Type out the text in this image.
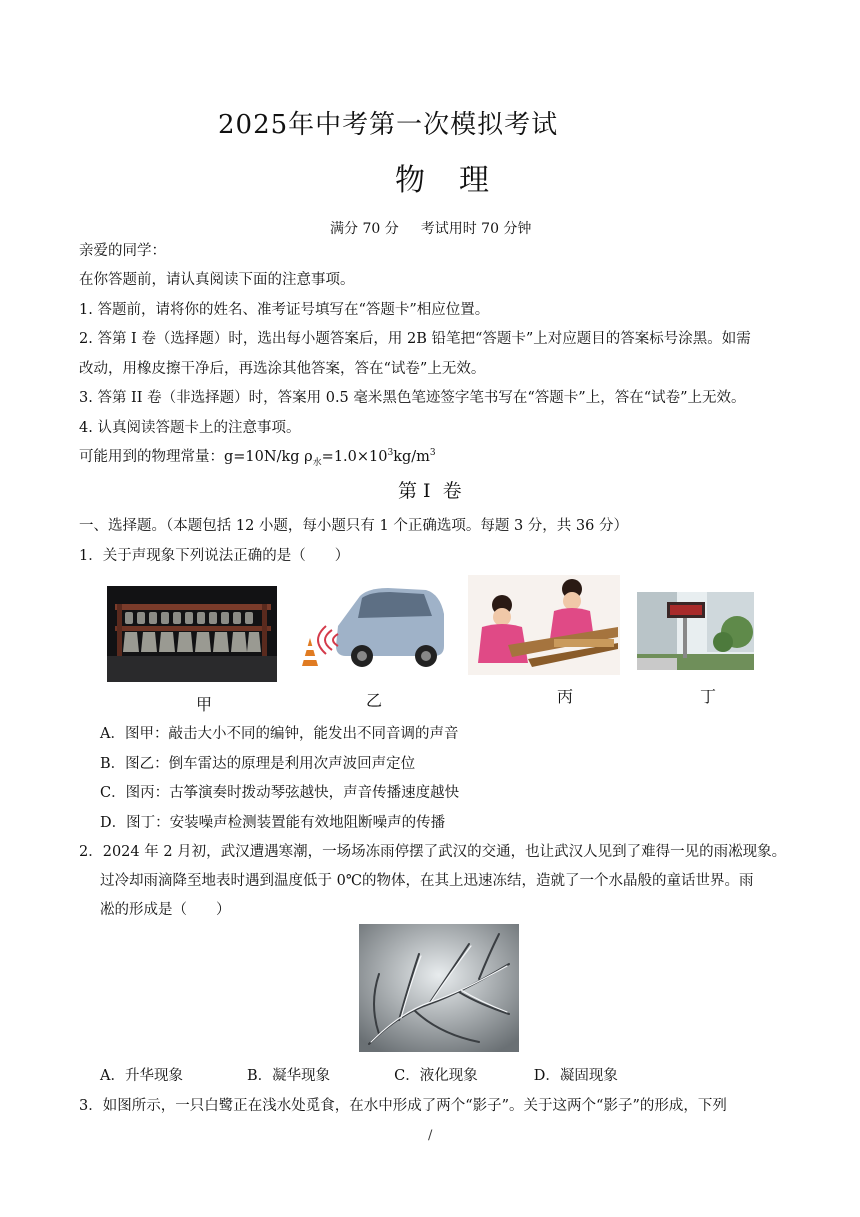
2025年中考第一次模拟考试
物 理
满分 70 分 考试用时 70 分钟
亲爱的同学：
在你答题前，请认真阅读下面的注意事项。
1. 答题前，请将你的姓名、准考证号填写在“答题卡”相应位置。
2. 答第 I 卷（选择题）时，选出每小题答案后，用 2B 铅笔把“答题卡”上对应题目的答案标号涂黑。如需
改动，用橡皮擦干净后，再选涂其他答案，答在“试卷”上无效。
3. 答第 II 卷（非选择题）时，答案用 0.5 毫米黑色笔迹签字笔书写在“答题卡”上，答在“试卷”上无效。
4. 认真阅读答题卡上的注意事项。
可能用到的物理常量：g=10N/kg $\rho_水=1.0\times 10^3kg/m^3$
第 I  卷
一、选择题。（本题包括 12 小题，每小题只有 1 个正确选项。每题 3 分，共 36 分）
1．关于声现象下列说法正确的是（　　）
甲	乙	丙	丁
A．图甲：敲击大小不同的编钟，能发出不同音调的声音
B．图乙：倒车雷达的原理是利用次声波回声定位
C．图丙：古筝演奏时拨动琴弦越快，声音传播速度越快
D．图丁：安装噪声检测装置能有效地阻断噪声的传播
2．2024 年 2 月初，武汉遭遇寒潮，一场场冻雨停摆了武汉的交通，也让武汉人见到了难得一见的雨凇现象。
过冷却雨滴降至地表时遇到温度低于 0℃的物体，在其上迅速冻结，造就了一个水晶般的童话世界。雨
凇的形成是（　　）
A．升华现象	B．凝华现象	C．液化现象	D．凝固现象
3．如图所示，一只白鹭正在浅水处觅食，在水中形成了两个“影子”。关于这两个“影子”的形成，下列
/
